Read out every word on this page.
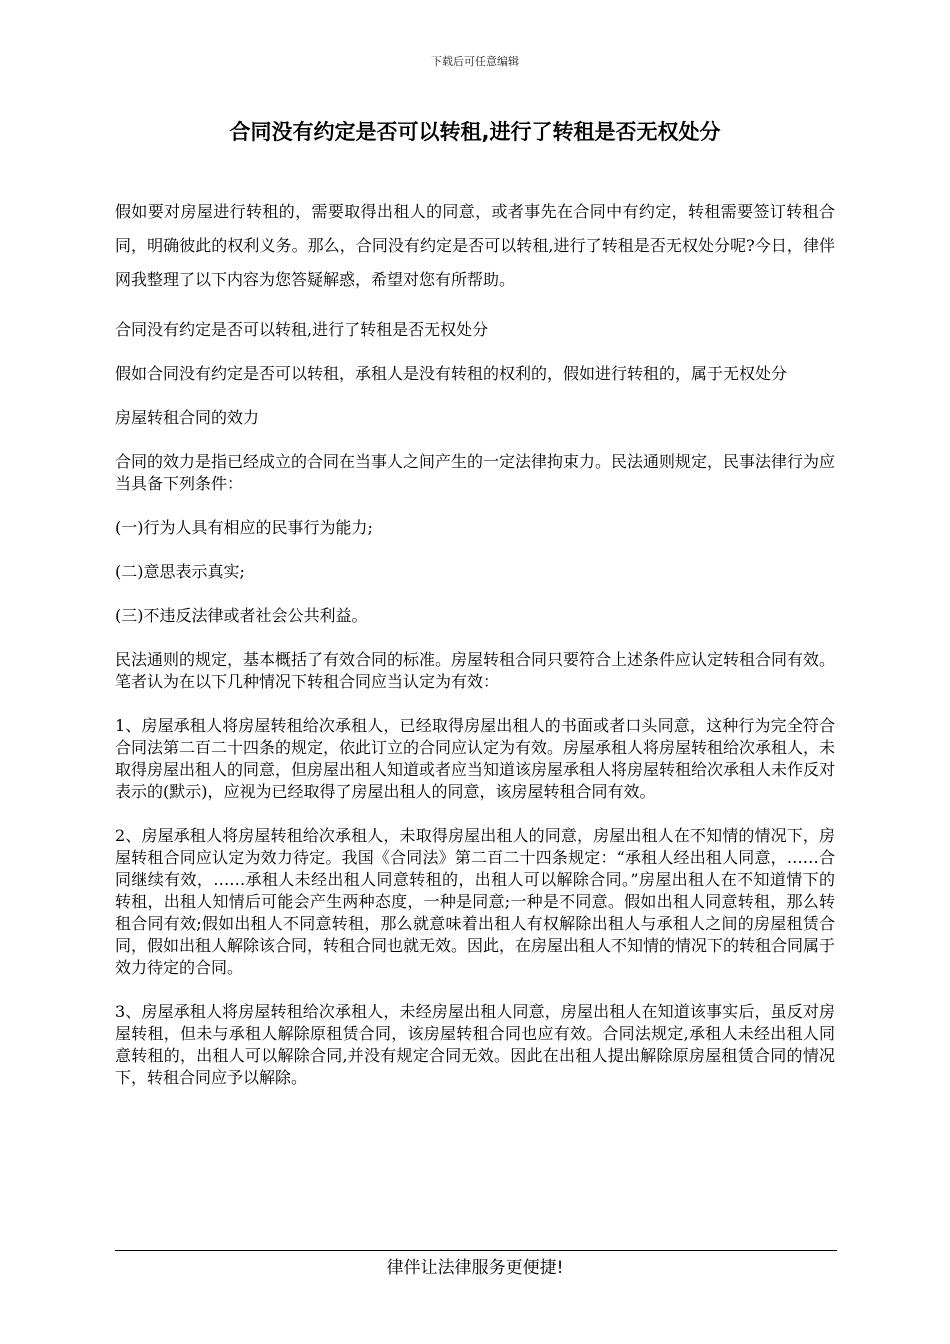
下载后可任意编辑
合同没有约定是否可以转租,进行了转租是否无权处分

假如要对房屋进行转租的，需要取得出租人的同意，或者事先在合同中有约定，转租需要签订转租合同，明确彼此的权利义务。那么，合同没有约定是否可以转租,进行了转租是否无权处分呢?今日，律伴网我整理了以下内容为您答疑解惑，希望对您有所帮助。

合同没有约定是否可以转租,进行了转租是否无权处分

假如合同没有约定是否可以转租，承租人是没有转租的权利的，假如进行转租的，属于无权处分

房屋转租合同的效力

合同的效力是指已经成立的合同在当事人之间产生的一定法律拘束力。民法通则规定，民事法律行为应当具备下列条件：

(一)行为人具有相应的民事行为能力;

(二)意思表示真实;

(三)不违反法律或者社会公共利益。

民法通则的规定，基本概括了有效合同的标准。房屋转租合同只要符合上述条件应认定转租合同有效。笔者认为在以下几种情况下转租合同应当认定为有效：

1、房屋承租人将房屋转租给次承租人，已经取得房屋出租人的书面或者口头同意，这种行为完全符合合同法第二百二十四条的规定，依此订立的合同应认定为有效。房屋承租人将房屋转租给次承租人，未取得房屋出租人的同意，但房屋出租人知道或者应当知道该房屋承租人将房屋转租给次承租人未作反对表示的(默示)，应视为已经取得了房屋出租人的同意，该房屋转租合同有效。

2、房屋承租人将房屋转租给次承租人，未取得房屋出租人的同意，房屋出租人在不知情的情况下，房屋转租合同应认定为效力待定。我国《合同法》第二百二十四条规定：“承租人经出租人同意，……合同继续有效，……承租人未经出租人同意转租的，出租人可以解除合同。”房屋出租人在不知道情下的转租，出租人知情后可能会产生两种态度，一种是同意;一种是不同意。假如出租人同意转租，那么转租合同有效;假如出租人不同意转租，那么就意味着出租人有权解除出租人与承租人之间的房屋租赁合同，假如出租人解除该合同，转租合同也就无效。因此，在房屋出租人不知情的情况下的转租合同属于效力待定的合同。

3、房屋承租人将房屋转租给次承租人，未经房屋出租人同意，房屋出租人在知道该事实后，虽反对房屋转租，但未与承租人解除原租赁合同，该房屋转租合同也应有效。合同法规定,承租人未经出租人同意转租的，出租人可以解除合同,并没有规定合同无效。因此在出租人提出解除原房屋租赁合同的情况下，转租合同应予以解除。

律伴让法律服务更便捷!
